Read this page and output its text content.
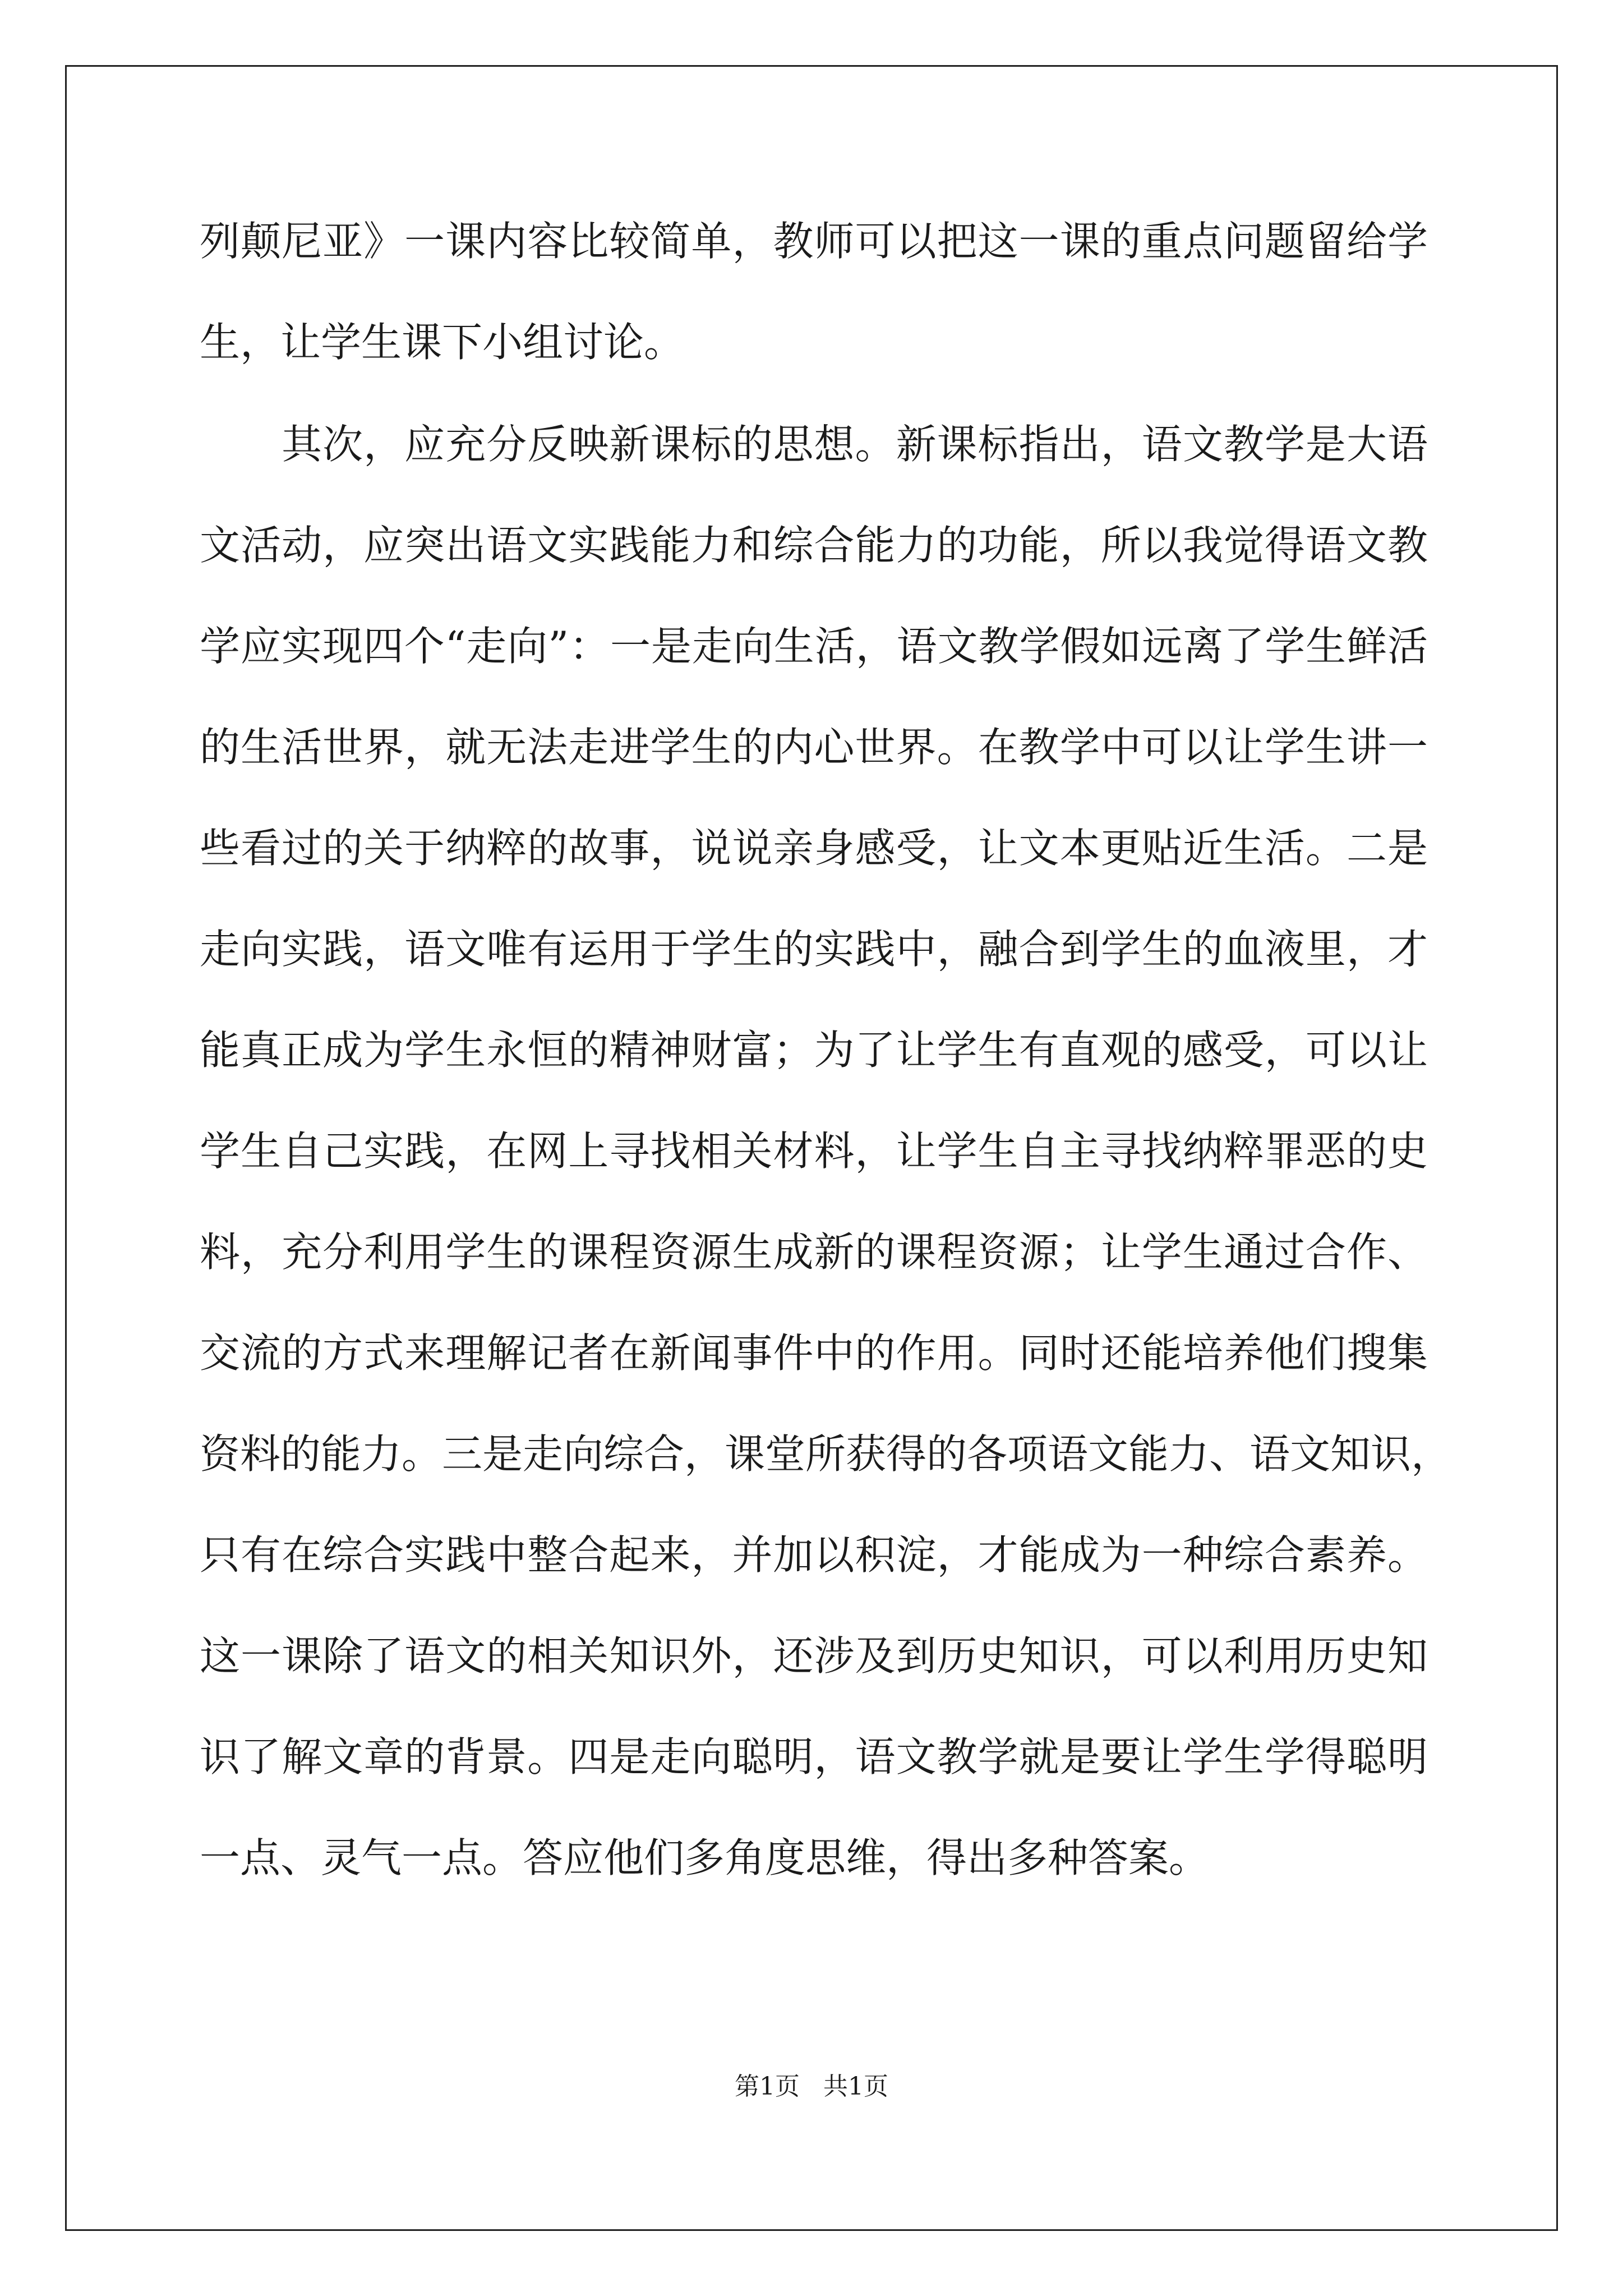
列颠尼亚》一课内容比较简单，教师可以把这一课的重点问题留给学
生，让学生课下小组讨论。
　　其次，应充分反映新课标的思想。新课标指出，语文教学是大语
文活动，应突出语文实践能力和综合能力的功能，所以我觉得语文教
学应实现四个“走向”：一是走向生活，语文教学假如远离了学生鲜活
的生活世界，就无法走进学生的内心世界。在教学中可以让学生讲一
些看过的关于纳粹的故事，说说亲身感受，让文本更贴近生活。二是
走向实践，语文唯有运用于学生的实践中，融合到学生的血液里，才
能真正成为学生永恒的精神财富；为了让学生有直观的感受，可以让
学生自己实践，在网上寻找相关材料，让学生自主寻找纳粹罪恶的史
料，充分利用学生的课程资源生成新的课程资源；让学生通过合作、
交流的方式来理解记者在新闻事件中的作用。同时还能培养他们搜集
资料的能力。三是走向综合，课堂所获得的各项语文能力、语文知识，
只有在综合实践中整合起来，并加以积淀，才能成为一种综合素养。
这一课除了语文的相关知识外，还涉及到历史知识，可以利用历史知
识了解文章的背景。四是走向聪明，语文教学就是要让学生学得聪明
一点、灵气一点。答应他们多角度思维，得出多种答案。
第1页   共1页
